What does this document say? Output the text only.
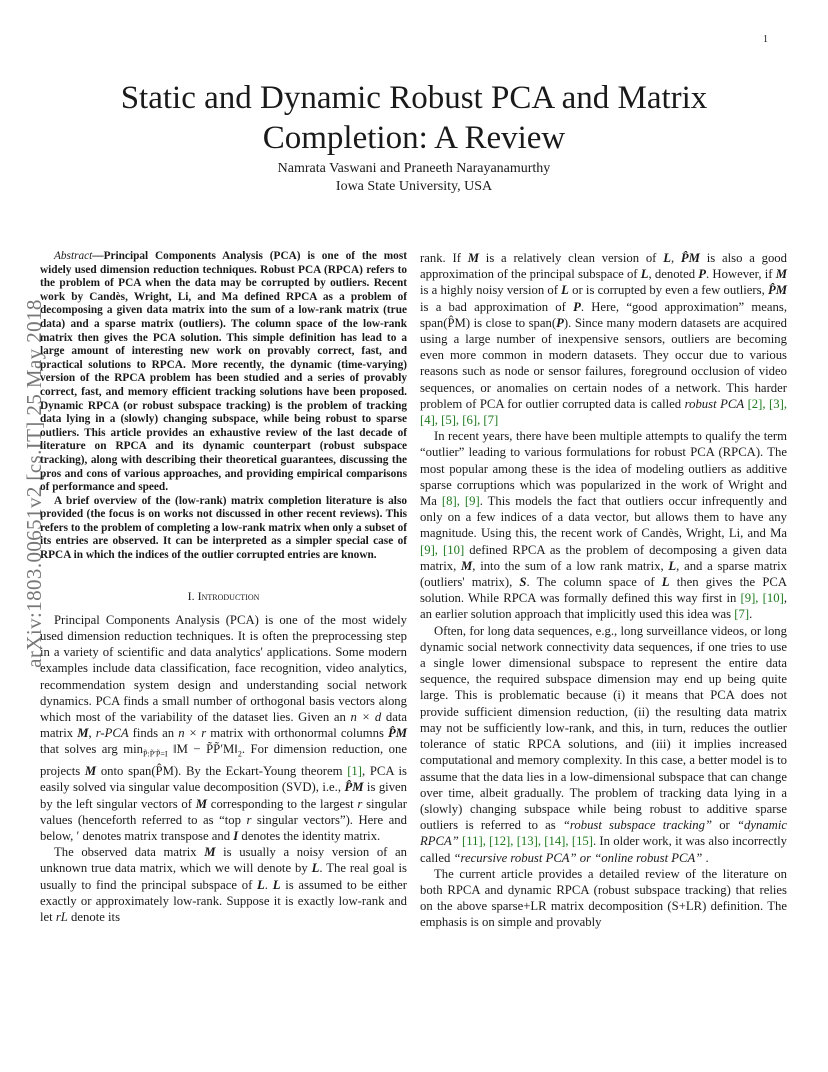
1
arXiv:1803.00651v2 [cs.IT] 25 May 2018
Static and Dynamic Robust PCA and Matrix Completion: A Review
Namrata Vaswani and Praneeth Narayanamurthy
Iowa State University, USA

Abstract—Principal Components Analysis (PCA) is one of the most widely used dimension reduction techniques. Robust PCA (RPCA) refers to the problem of PCA when the data may be corrupted by outliers. Recent work by Candès, Wright, Li, and Ma defined RPCA as a problem of decomposing a given data matrix into the sum of a low-rank matrix (true data) and a sparse matrix (outliers). The column space of the low-rank matrix then gives the PCA solution. This simple definition has lead to a large amount of interesting new work on provably correct, fast, and practical solutions to RPCA. More recently, the dynamic (time-varying) version of the RPCA problem has been studied and a series of provably correct, fast, and memory efficient tracking solutions have been proposed. Dynamic RPCA (or robust subspace tracking) is the problem of tracking data lying in a (slowly) changing subspace, while being robust to sparse outliers. This article provides an exhaustive review of the last decade of literature on RPCA and its dynamic counterpart (robust subspace tracking), along with describing their theoretical guarantees, discussing the pros and cons of various approaches, and providing empirical comparisons of performance and speed.

A brief overview of the (low-rank) matrix completion literature is also provided (the focus is on works not discussed in other recent reviews). This refers to the problem of completing a low-rank matrix when only a subset of its entries are observed. It can be interpreted as a simpler special case of RPCA in which the indices of the outlier corrupted entries are known.

I. Introduction

Principal Components Analysis (PCA) is one of the most widely used dimension reduction techniques. It is often the preprocessing step in a variety of scientific and data analytics' applications. Some modern examples include data classification, face recognition, video analytics, recommendation system design and understanding social network dynamics. PCA finds a small number of orthogonal basis vectors along which most of the variability of the dataset lies. Given an n × d data matrix M, r-PCA finds an n × r matrix with orthonormal columns P̂M that solves arg $\min_{P̃:P̃'P̃=I}$ ‖M − $P̃P̃'M‖_2$. For dimension reduction, one projects M onto span(P̂M). By the Eckart-Young theorem [1], PCA is easily solved via singular value decomposition (SVD), i.e., P̂M is given by the left singular vectors of M corresponding to the largest r singular values (henceforth referred to as “top r singular vectors”). Here and below, ′ denotes matrix transpose and I denotes the identity matrix.

The observed data matrix M is usually a noisy version of an unknown true data matrix, which we will denote by L. The real goal is usually to find the principal subspace of L. L is assumed to be either exactly or approximately low-rank. Suppose it is exactly low-rank and let rL denote its

rank. If M is a relatively clean version of L, P̂M is also a good approximation of the principal subspace of L, denoted P. However, if M is a highly noisy version of L or is corrupted by even a few outliers, P̂M is a bad approximation of P. Here, “good approximation” means, span(P̂M) is close to span(P). Since many modern datasets are acquired using a large number of inexpensive sensors, outliers are becoming even more common in modern datasets. They occur due to various reasons such as node or sensor failures, foreground occlusion of video sequences, or anomalies on certain nodes of a network. This harder problem of PCA for outlier corrupted data is called robust PCA [2], [3], [4], [5], [6], [7]

In recent years, there have been multiple attempts to qualify the term “outlier” leading to various formulations for robust PCA (RPCA). The most popular among these is the idea of modeling outliers as additive sparse corruptions which was popularized in the work of Wright and Ma [8], [9]. This models the fact that outliers occur infrequently and only on a few indices of a data vector, but allows them to have any magnitude. Using this, the recent work of Candès, Wright, Li, and Ma [9], [10] defined RPCA as the problem of decomposing a given data matrix, M, into the sum of a low rank matrix, L, and a sparse matrix (outliers' matrix), S. The column space of L then gives the PCA solution. While RPCA was formally defined this way first in [9], [10], an earlier solution approach that implicitly used this idea was [7].

Often, for long data sequences, e.g., long surveillance videos, or long dynamic social network connectivity data sequences, if one tries to use a single lower dimensional subspace to represent the entire data sequence, the required subspace dimension may end up being quite large. This is problematic because (i) it means that PCA does not provide sufficient dimension reduction, (ii) the resulting data matrix may not be sufficiently low-rank, and this, in turn, reduces the outlier tolerance of static RPCA solutions, and (iii) it implies increased computational and memory complexity. In this case, a better model is to assume that the data lies in a low-dimensional subspace that can change over time, albeit gradually. The problem of tracking data lying in a (slowly) changing subspace while being robust to additive sparse outliers is referred to as “robust subspace tracking” or “dynamic RPCA” [11], [12], [13], [14], [15]. In older work, it was also incorrectly called “recursive robust PCA” or “online robust PCA” .

The current article provides a detailed review of the literature on both RPCA and dynamic RPCA (robust subspace tracking) that relies on the above sparse+LR matrix decomposition (S+LR) definition. The emphasis is on simple and provably
